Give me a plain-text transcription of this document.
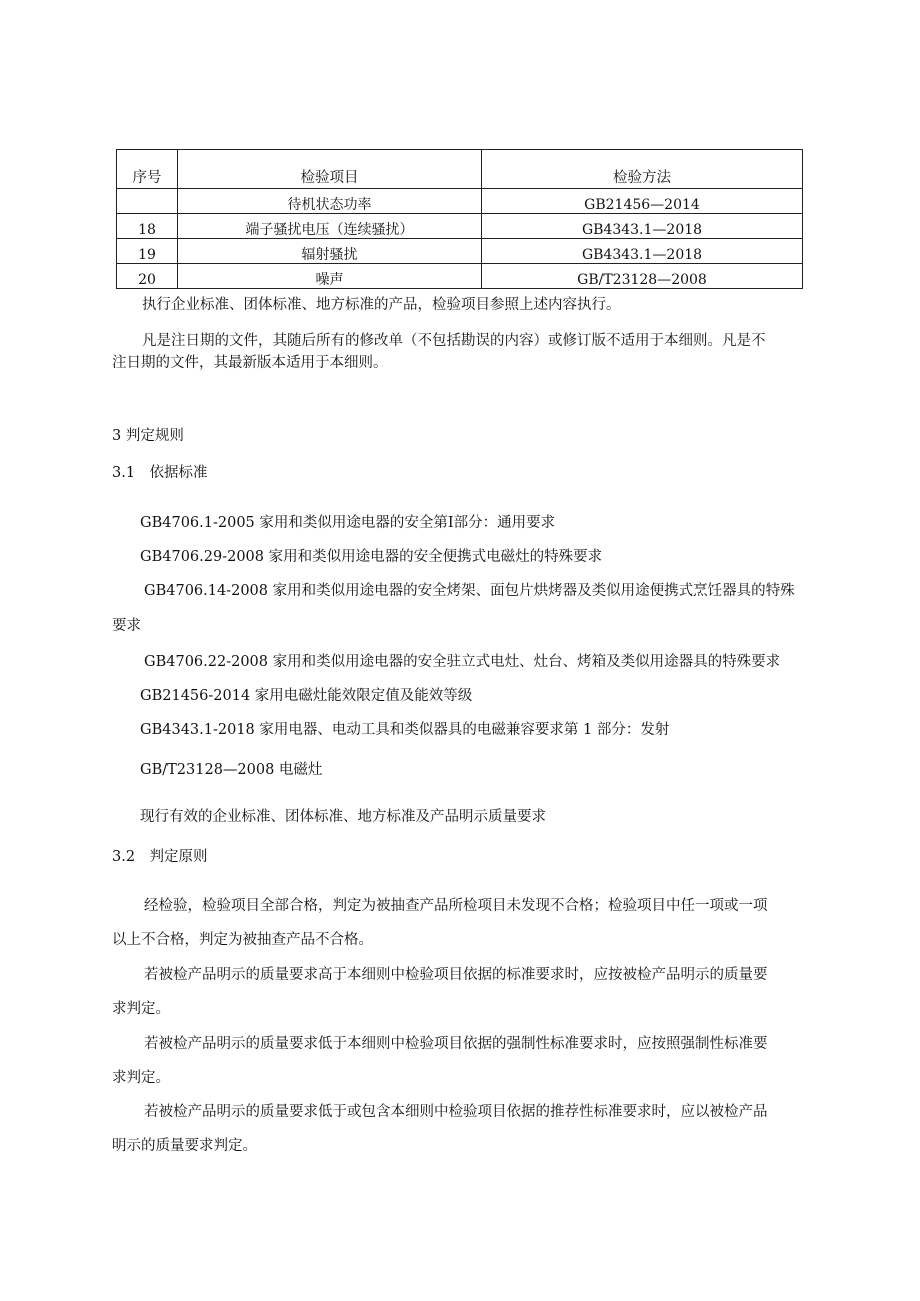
序号	检验项目	检验方法
	待机状态功率	GB21456—2014
18	端子骚扰电压（连续骚扰）	GB4343.1—2018
19	辐射骚扰	GB4343.1—2018
20	噪声	GB/T23128—2008
执行企业标准、团体标准、地方标准的产品，检验项目参照上述内容执行。
凡是注日期的文件，其随后所有的修改单（不包括勘误的内容）或修订版不适用于本细则。凡是不
注日期的文件，其最新版本适用于本细则。
3 判定规则
3.1　依据标准
GB4706.1-2005 家用和类似用途电器的安全第Ⅰ部分：通用要求
GB4706.29-2008 家用和类似用途电器的安全便携式电磁灶的特殊要求
GB4706.14-2008 家用和类似用途电器的安全烤架、面包片烘烤器及类似用途便携式烹饪器具的特殊
要求
GB4706.22-2008 家用和类似用途电器的安全驻立式电灶、灶台、烤箱及类似用途器具的特殊要求
GB21456-2014 家用电磁灶能效限定值及能效等级
GB4343.1-2018 家用电器、电动工具和类似器具的电磁兼容要求第 1 部分：发射
GB/T23128—2008 电磁灶
现行有效的企业标准、团体标准、地方标准及产品明示质量要求
3.2　判定原则
经检验，检验项目全部合格，判定为被抽查产品所检项目未发现不合格；检验项目中任一项或一项
以上不合格，判定为被抽查产品不合格。
若被检产品明示的质量要求高于本细则中检验项目依据的标准要求时，应按被检产品明示的质量要
求判定。
若被检产品明示的质量要求低于本细则中检验项目依据的强制性标准要求时，应按照强制性标准要
求判定。
若被检产品明示的质量要求低于或包含本细则中检验项目依据的推荐性标准要求时，应以被检产品
明示的质量要求判定。
